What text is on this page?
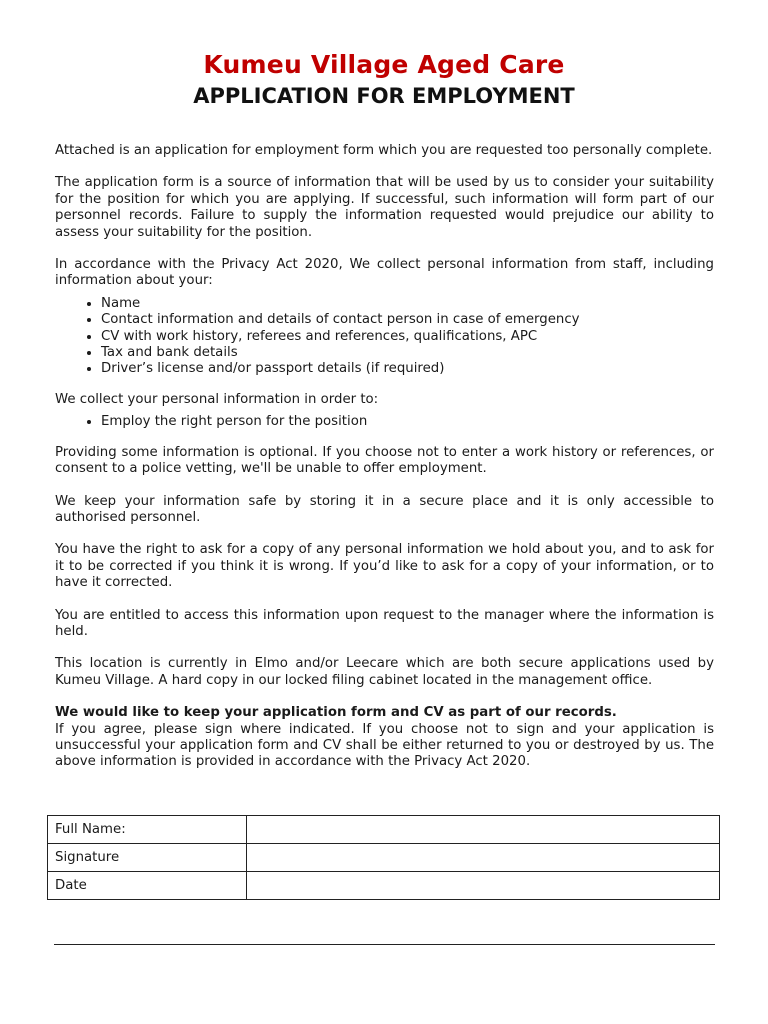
Kumeu Village Aged Care
APPLICATION FOR EMPLOYMENT

Attached is an application for employment form which you are requested too personally complete.

The application form is a source of information that will be used by us to consider your suitability for the position for which you are applying. If successful, such information will form part of our personnel records. Failure to supply the information requested would prejudice our ability to assess your suitability for the position.

In accordance with the Privacy Act 2020, We collect personal information from staff, including information about your:

• Name
• Contact information and details of contact person in case of emergency
• CV with work history, referees and references, qualifications, APC
• Tax and bank details
• Driver’s license and/or passport details (if required)

We collect your personal information in order to:

• Employ the right person for the position

Providing some information is optional. If you choose not to enter a work history or references, or consent to a police vetting, we'll be unable to offer employment.

We keep your information safe by storing it in a secure place and it is only accessible to authorised personnel.

You have the right to ask for a copy of any personal information we hold about you, and to ask for it to be corrected if you think it is wrong. If you’d like to ask for a copy of your information, or to have it corrected.

You are entitled to access this information upon request to the manager where the information is held.

This location is currently in Elmo and/or Leecare which are both secure applications used by Kumeu Village. A hard copy in our locked filing cabinet located in the management office.

We would like to keep your application form and CV as part of our records.
If you agree, please sign where indicated. If you choose not to sign and your application is unsuccessful your application form and CV shall be either returned to you or destroyed by us. The above information is provided in accordance with the Privacy Act 2020.

Full Name:	
Signature	
Date	
